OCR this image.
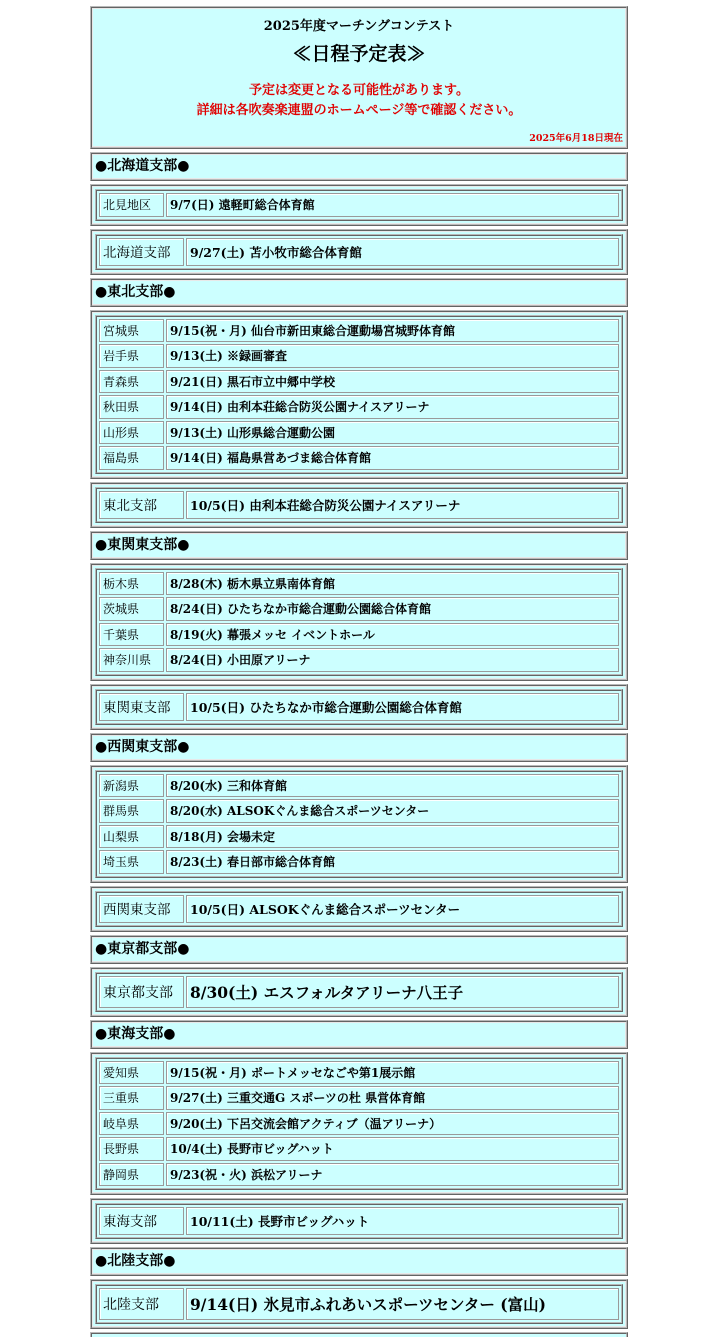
2025年度マーチングコンテスト
≪日程予定表≫
予定は変更となる可能性があります。
詳細は各吹奏楽連盟のホームページ等で確認ください。
2025年6月18日現在
●北海道支部●
北見地区	9/7(日) 遠軽町総合体育館
北海道支部	9/27(土) 苫小牧市総合体育館
●東北支部●
宮城県	9/15(祝・月) 仙台市新田東総合運動場宮城野体育館
岩手県	9/13(土) ※録画審査
青森県	9/21(日) 黒石市立中郷中学校
秋田県	9/14(日) 由利本荘総合防災公園ナイスアリーナ
山形県	9/13(土) 山形県総合運動公園
福島県	9/14(日) 福島県営あづま総合体育館
東北支部	10/5(日) 由利本荘総合防災公園ナイスアリーナ
●東関東支部●
栃木県	8/28(木) 栃木県立県南体育館
茨城県	8/24(日) ひたちなか市総合運動公園総合体育館
千葉県	8/19(火) 幕張メッセ イベントホール
神奈川県	8/24(日) 小田原アリーナ
東関東支部	10/5(日) ひたちなか市総合運動公園総合体育館
●西関東支部●
新潟県	8/20(水) 三和体育館
群馬県	8/20(水) ALSOKぐんま総合スポーツセンター
山梨県	8/18(月) 会場未定
埼玉県	8/23(土) 春日部市総合体育館
西関東支部	10/5(日) ALSOKぐんま総合スポーツセンター
●東京都支部●
東京都支部	8/30(土) エスフォルタアリーナ八王子
●東海支部●
愛知県	9/15(祝・月) ポートメッセなごや第1展示館
三重県	9/27(土) 三重交通G スポーツの杜 県営体育館
岐阜県	9/20(土) 下呂交流会館アクティブ（温アリーナ）
長野県	10/4(土) 長野市ビッグハット
静岡県	9/23(祝・火) 浜松アリーナ
東海支部	10/11(土) 長野市ビッグハット
●北陸支部●
北陸支部	9/14(日) 氷見市ふれあいスポーツセンター (富山)
